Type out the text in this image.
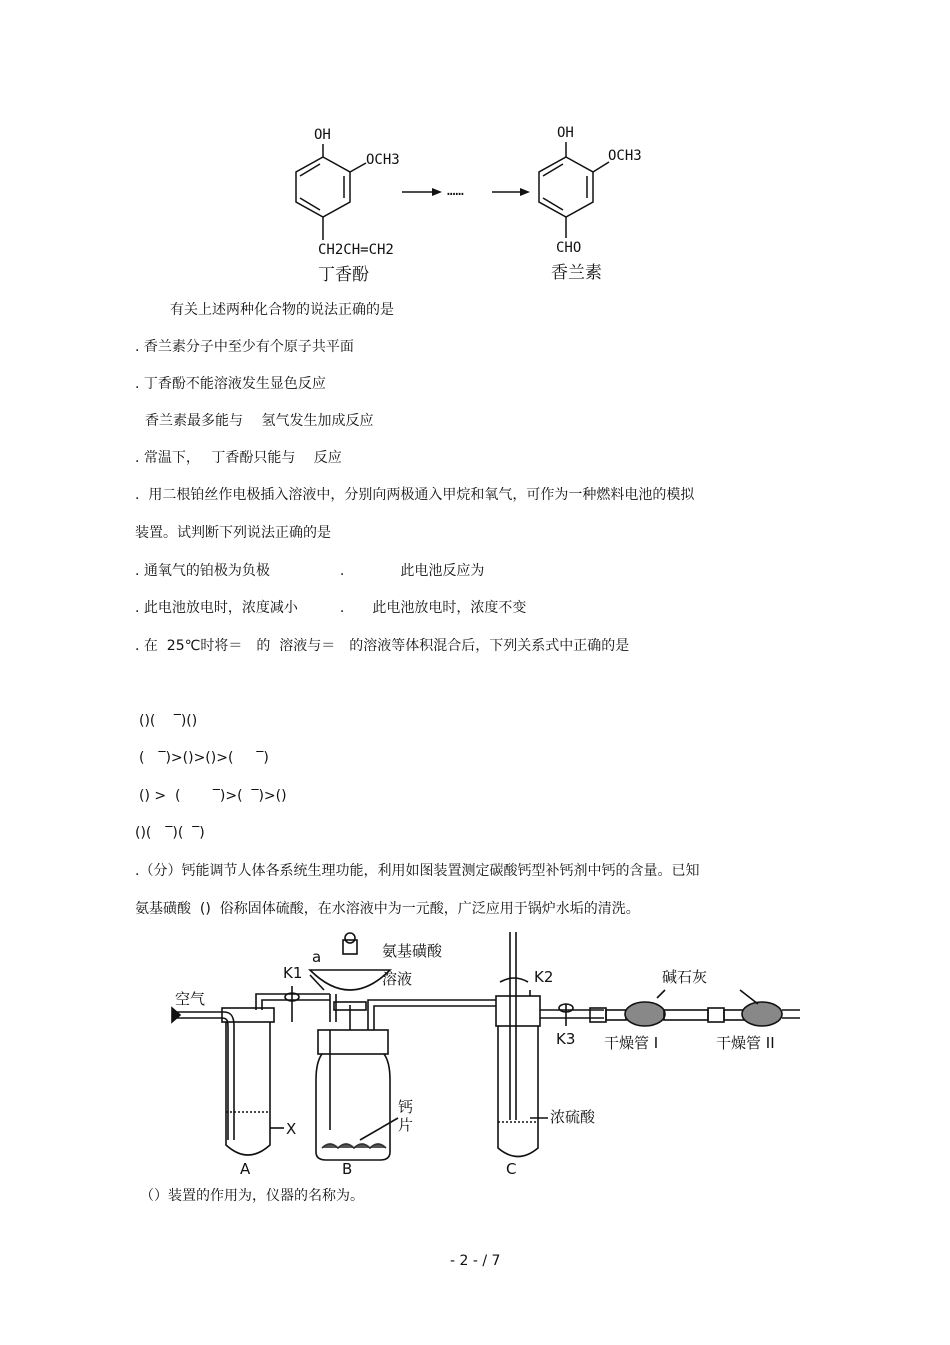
OH
OCH3
CH2CH=CH2
丁香酚
……
OH
OCH3
CHO
香兰素
有关上述两种化合物的说法正确的是
. 香兰素分子中至少有个原子共平面
. 丁香酚不能溶液发生显色反应
香兰素最多能与　 氢气发生加成反应
. 常温下，　 丁香酚只能与　 反应
.  用二根铂丝作电极插入溶液中，分别向两极通入甲烷和氧气，可作为一种燃料电池的模拟
装置。试判断下列说法正确的是
. 通氧气的铂极为负极　　　　　.　　　　此电池反应为
. 此电池放电时，浓度减小　　　.　　此电池放电时，浓度不变
. 在  25℃时将＝　的  溶液与＝　的溶液等体积混合后，下列关系式中正确的是
()(　 ‾)()
(　‾)>()>()>(　  ‾)
() >  (　　 ‾)>(  ‾)>()
()(　‾)(  ‾)
.（分）钙能调节人体各系统生理功能，利用如图装置测定碳酸钙型补钙剂中钙的含量。已知
氨基磺酸  ()  俗称固体硫酸，在水溶液中为一元酸，广泛应用于锅炉水垢的清洗。
空气
a	氨基磺酸
溶液
K1	K2
K3
碱石灰
干燥管 I	干燥管 II
钙片
X
浓硫酸
A	B	C
（）装置的作用为，仪器的名称为。
- 2 - / 7
